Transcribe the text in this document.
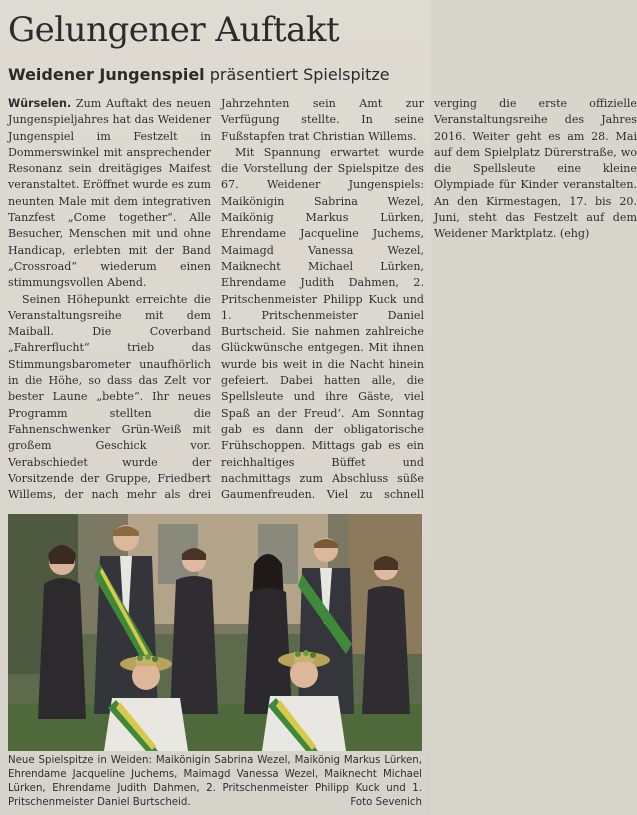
Gelungener Auftakt

Weidener Jungenspiel präsentiert Spielspitze

Würselen. Zum Auftakt des neuen Jungenspieljahres hat das Weidener Jungenspiel im Festzelt in Dommerswinkel mit ansprechender Resonanz sein dreitägiges Maifest veranstaltet. Eröffnet wurde es zum neunten Male mit dem integrativen Tanzfest „Come together“. Alle Besucher, Menschen mit und ohne Handicap, erlebten mit der Band „Crossroad“ wiederum einen stimmungsvollen Abend.

Seinen Höhepunkt erreichte die Veranstaltungsreihe mit dem Maiball. Die Coverband „Fahrerflucht“ trieb das Stimmungsbarometer unaufhörlich in die Höhe, so dass das Zelt vor bester Laune „bebte“. Ihr neues Programm stellten die Fahnenschwenker Grün-Weiß mit großem Geschick vor. Verabschiedet wurde der Vorsitzende der Gruppe, Friedbert Willems, der nach mehr als drei Jahrzehnten sein Amt zur Verfügung stellte. In seine Fußstapfen trat Christian Willems.

Mit Spannung erwartet wurde die Vorstellung der Spielspitze des 67. Weidener Jungenspiels: Maikönigin Sabrina Wezel, Maikönig Markus Lürken, Ehrendame Jacqueline Juchems, Maimagd Vanessa Wezel, Maiknecht Michael Lürken, Ehrendame Judith Dahmen, 2. Pritschenmeister Philipp Kuck und 1. Pritschenmeister Daniel Burtscheid. Sie nahmen zahlreiche Glückwünsche entgegen. Mit ihnen wurde bis weit in die Nacht hinein gefeiert. Dabei hatten alle, die Spellsleute und ihre Gäste, viel Spaß an der Freud‘. Am Sonntag gab es dann der obligatorische Frühschoppen. Mittags gab es ein reichhaltiges Büffet und nachmittags zum Abschluss süße Gaumenfreuden. Viel zu schnell verging die erste offizielle Veranstaltungsreihe des Jahres 2016. Weiter geht es am 28. Mai auf dem Spielplatz Dürerstraße, wo die Spellsleute eine kleine Olympiade für Kinder veranstalten. An den Kirmestagen, 17. bis 20. Juni, steht das Festzelt auf dem Weidener Marktplatz. (ehg)

Neue Spielspitze in Weiden: Maikönigin Sabrina Wezel, Maikönig Markus Lürken, Ehrendame Jacqueline Juchems, Maimagd Vanessa Wezel, Maiknecht Michael Lürken, Ehrendame Judith Dahmen, 2. Pritschenmeister Philipp Kuck und 1. Pritschenmeister Daniel Burtscheid.	Foto Sevenich
